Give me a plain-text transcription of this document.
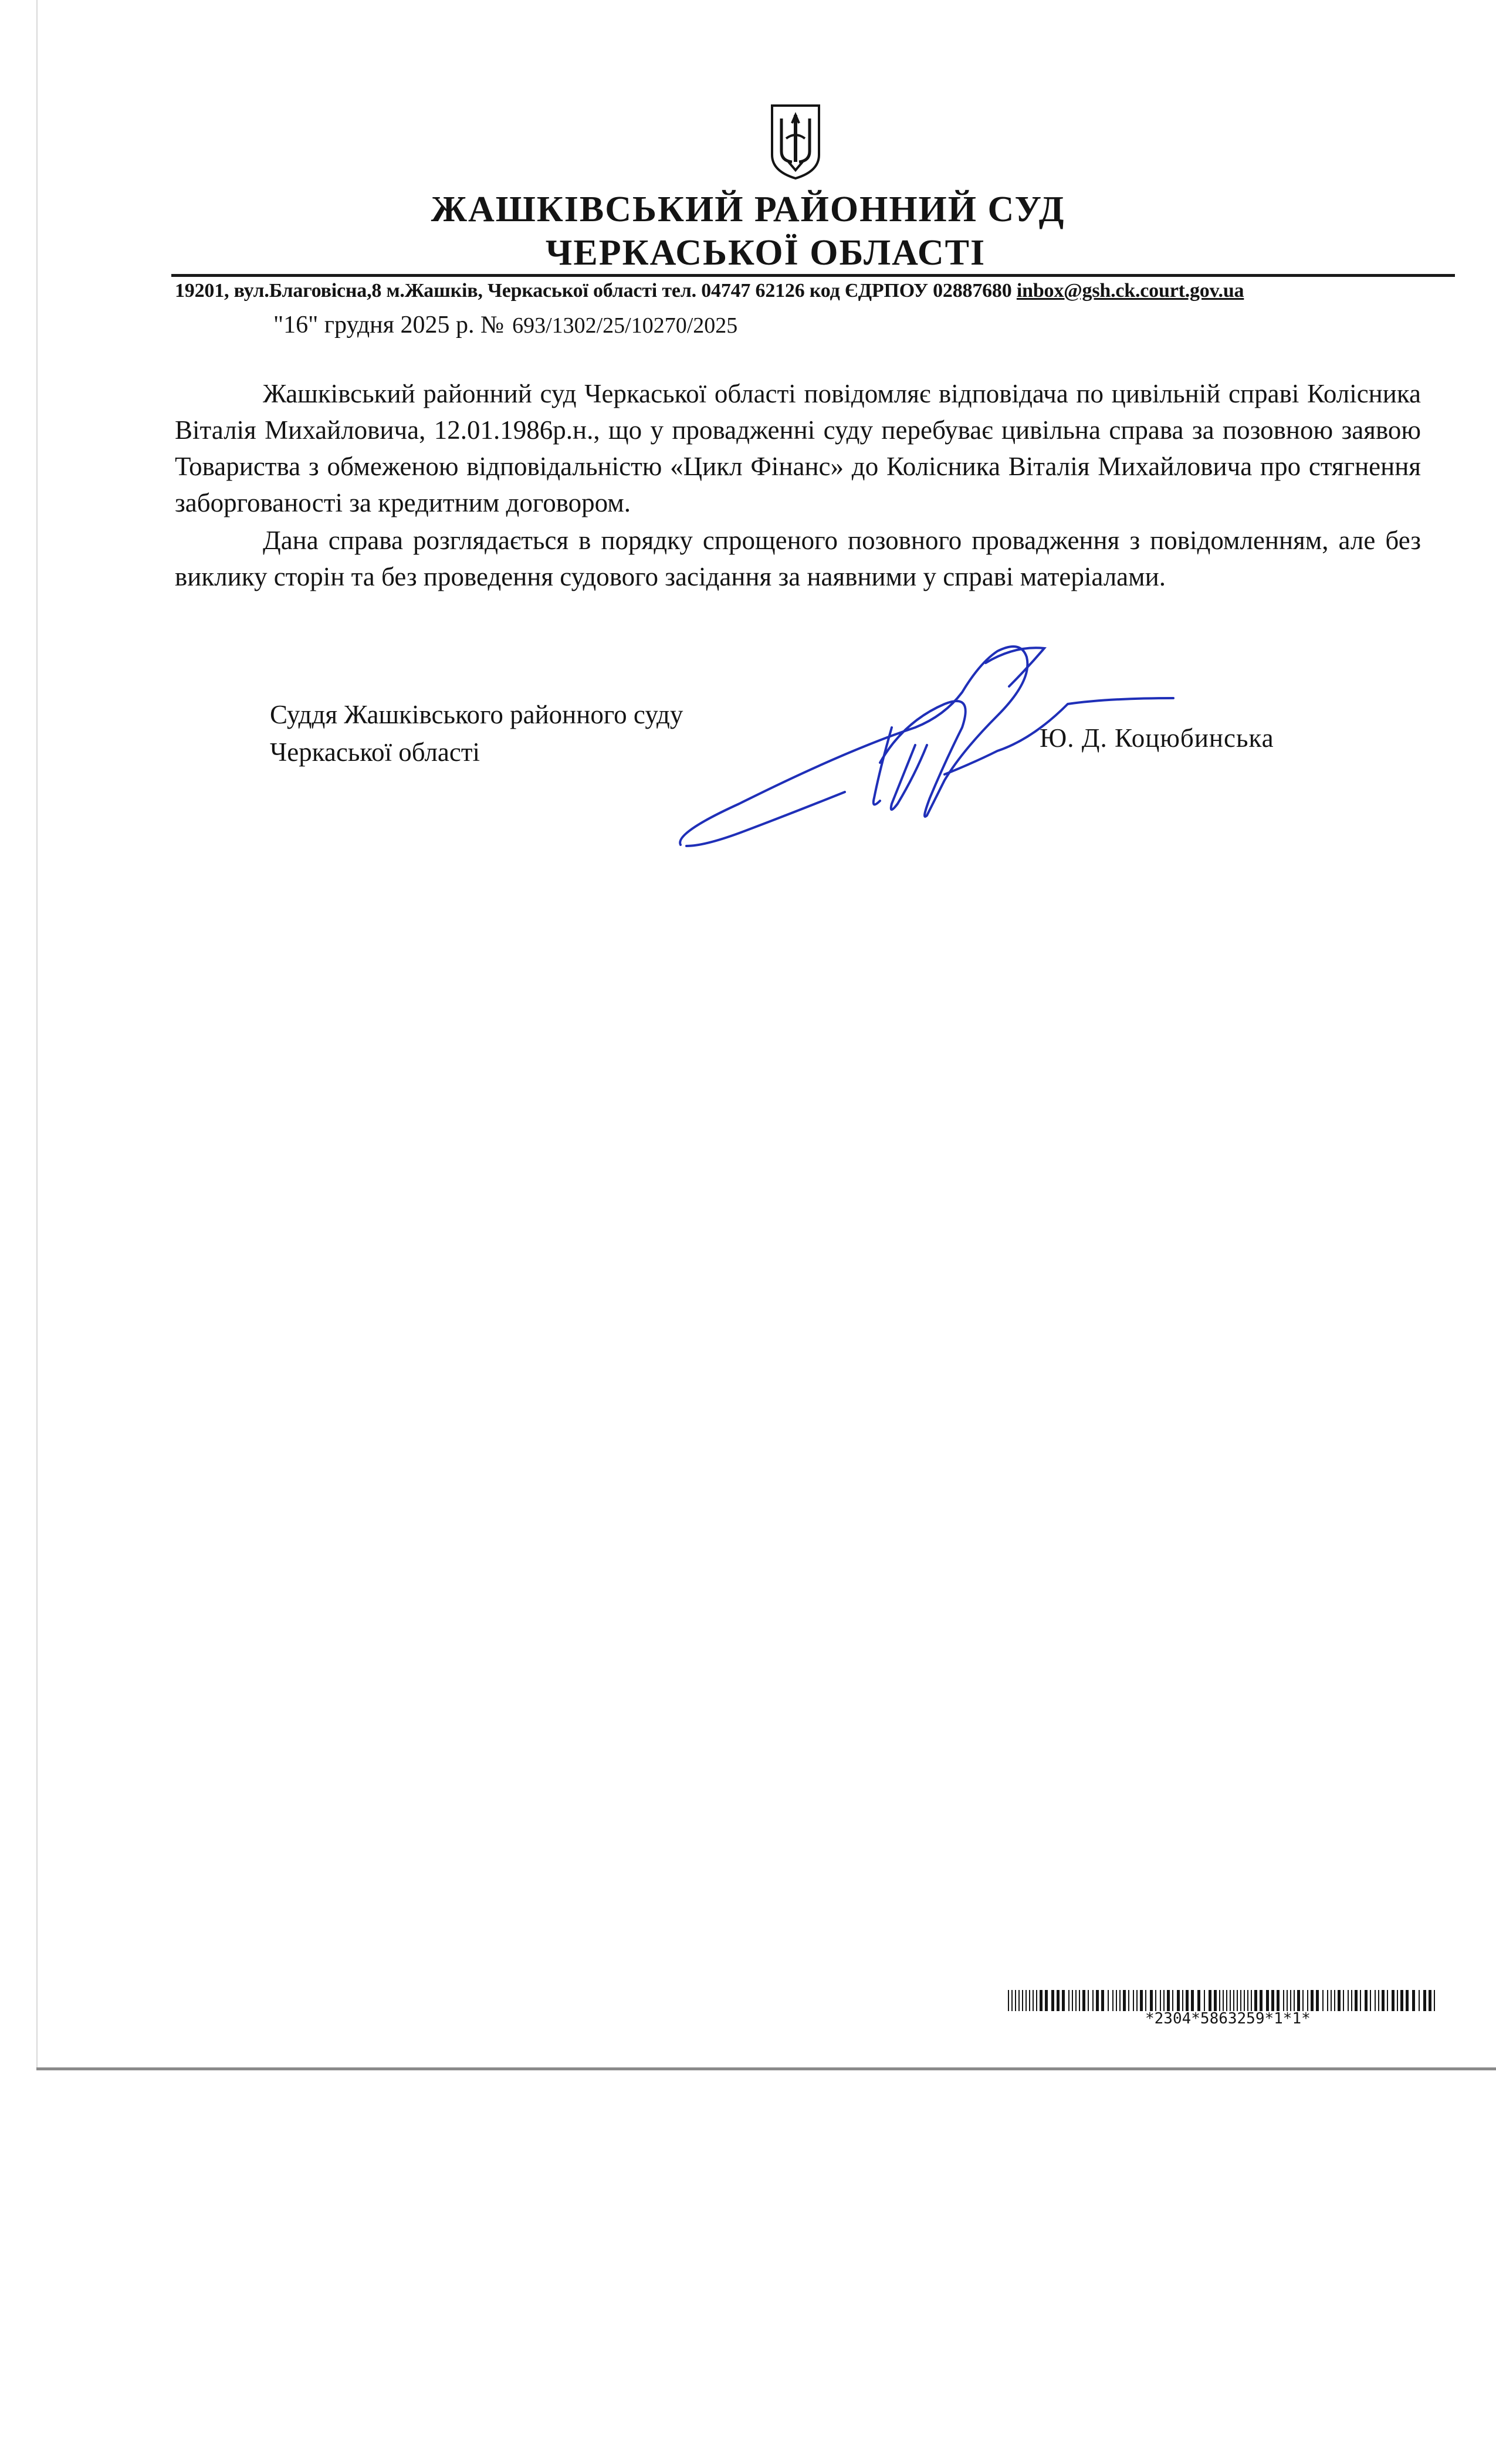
ЖАШКІВСЬКИЙ РАЙОННИЙ СУД
ЧЕРКАСЬКОЇ ОБЛАСТІ
19201, вул.Благовісна,8 м.Жашків, Черкаської області тел. 04747 62126 код ЄДРПОУ 02887680 inbox@gsh.ck.court.gov.ua
"16" грудня 2025 р. № 693/1302/25/10270/2025

Жашківський районний суд Черкаської області повідомляє відповідача по цивільній справі Колісника Віталія Михайловича, 12.01.1986р.н., що у провадженні суду перебуває цивільна справа за позовною заявою Товариства з обмеженою відповідальністю «Цикл Фінанс» до Колісника Віталія Михайловича про стягнення заборгованості за кредитним договором.

Дана справа розглядається в порядку спрощеного позовного провадження з повідомленням, але без виклику сторін та без проведення судового засідання за наявними у справі матеріалами.

Суддя Жашківського районного суду
Черкаської області	Ю. Д. Коцюбинська
*2304*5863259*1*1*
